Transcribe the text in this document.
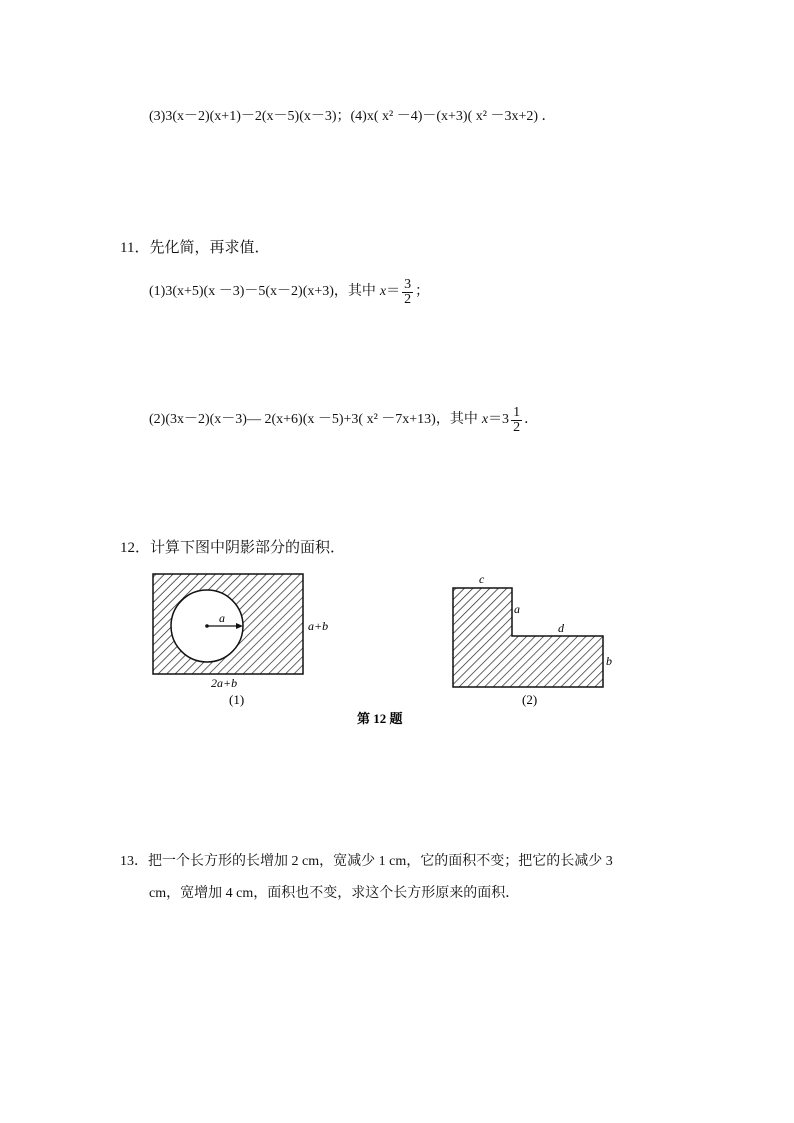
(3)3(x－2)(x+1)－2(x－5)(x－3)；(4)x( x² －4)－(x+3)( x² －3x+2) ．
11．先化简，再求值．
(1)3(x+5)(x －3)－5(x－2)(x+3)，其中 $x = \frac{3}{2}$ ；
(2)(3x－2)(x－3)— 2(x+6)(x －5)+3( x² －7x+13)，其中 $x =3 \frac{1}{2}$ ．
12．计算下图中阴影部分的面积．
a
a+b
2a+b
(1)
c
a
d
b
(2)
第 12 题
13．把一个长方形的长增加 2 cm，宽减少 1 cm，它的面积不变；把它的长减少 3
cm，宽增加 4 cm，面积也不变，求这个长方形原来的面积．
